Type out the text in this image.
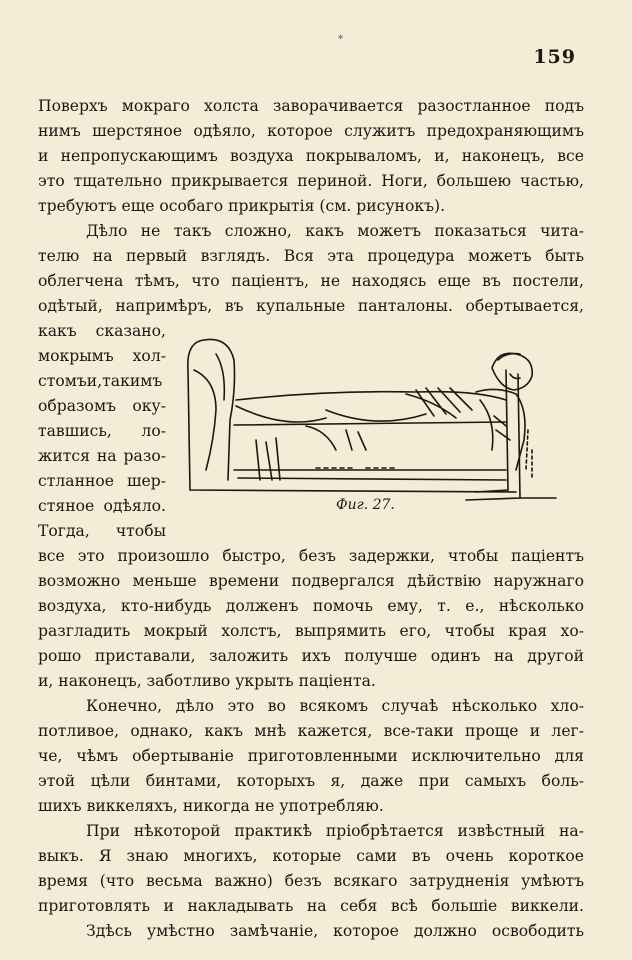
*
159
Поверхъ мокраго холста заворачивается разостланное подъ
нимъ шерстяное одѣяло, которое служитъ предохраняющимъ
и непропускающимъ воздуха покрываломъ, и, наконецъ, все
это тщательно прикрывается периной. Ноги, большею частью,
требуютъ еще особаго прикрытія (см. рисунокъ).
Дѣло не такъ сложно, какъ можетъ показаться чита-
телю на первый взглядъ. Вся эта процедура можетъ быть
облегчена тѣмъ, что паціентъ, не находясь еще въ постели,
одѣтый, напримѣръ, въ купальные панталоны. обертывается,
какъ сказано,
мокрымъ хол-
стомъи,такимъ
образомъ оку-
тавшись, ло-
жится на разо-
стланное шер-
стяное одѣяло.
Тогда, чтобы
Фиг. 27.
все это произошло быстро, безъ задержки, чтобы паціентъ
возможно меньше времени подвергался дѣйствію наружнаго
воздуха, кто-нибудь долженъ помочь ему, т. е., нѣсколько
разгладить мокрый холстъ, выпрямить его, чтобы края хо-
рошо приставали, заложить ихъ получше одинъ на другой
и, наконецъ, заботливо укрыть паціента.
Конечно, дѣло это во всякомъ случаѣ нѣсколько хло-
потливое, однако, какъ мнѣ кажется, все-таки проще и лег-
че, чѣмъ обертываніе приготовленными исключительно для
этой цѣли бинтами, которыхъ я, даже при самыхъ боль-
шихъ виккеляхъ, никогда не употребляю.
При нѣкоторой практикѣ пріобрѣтается извѣстный на-
выкъ. Я знаю многихъ, которые сами въ очень короткое
время (что весьма важно) безъ всякаго затрудненія умѣютъ
приготовлять и накладывать на себя всѣ большіе виккели.
Здѣсь умѣстно замѣчаніе, которое должно освободить
